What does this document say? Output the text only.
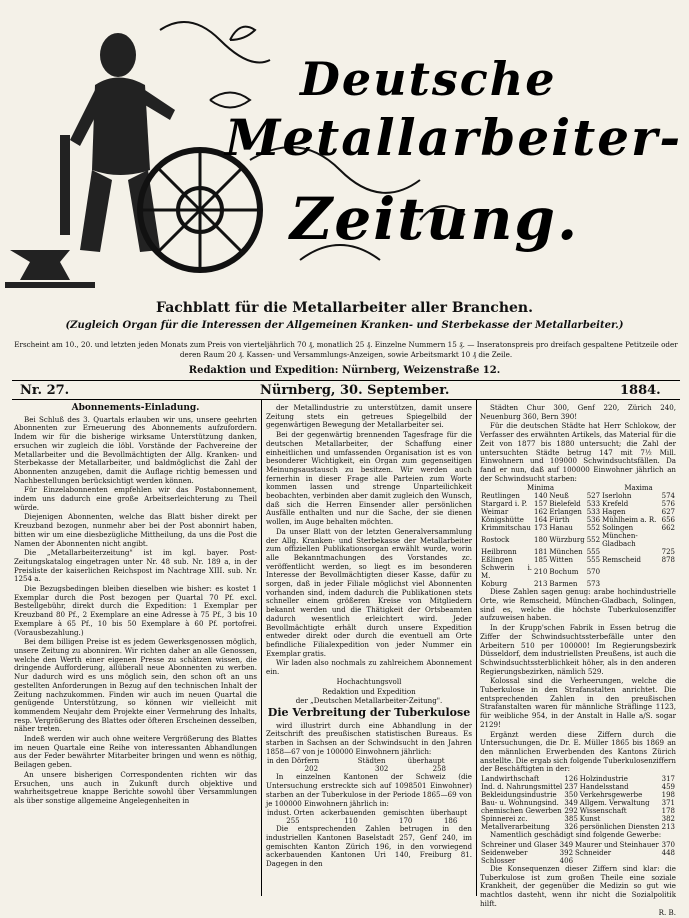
Deutsche
Metallarbeiter-
Zeitung.
Fachblatt für die Metallarbeiter aller Branchen.
(Zugleich Organ für die Interessen der Allgemeinen Kranken- und Sterbekasse der Metallarbeiter.)
Erscheint am 10., 20. und letzten jeden Monats zum Preis von vierteljährlich 70 ₰, monatlich 25 ₰. Einzelne Nummern 15 ₰. — Inseratonspreis pro dreifach gespaltene Petitzeile oder deren Raum 20 ₰. Kassen- und Versammlungs-Anzeigen, sowie Arbeitsmarkt 10 ₰ die Zeile.
Redaktion und Expedition: Nürnberg, Weizenstraße 12.
Nr. 27.	Nürnberg, 30. September.	1884.
Abonnements-Einladung.

Bei Schluß des 3. Quartals erlauben wir uns, unsere geehrten Abonnenten zur Erneuerung des Abonnements aufzufordern. Indem wir für die bisherige wirksame Unterstützung danken, ersuchen wir zugleich die löbl. Vorstände der Fachvereine der Metallarbeiter und die Bevollmächtigten der Allg. Kranken- und Sterbekasse der Metallarbeiter, und baldmöglichst die Zahl der Abonnenten anzugeben, damit die Auflage richtig bemessen und Nachbestellungen berücksichtigt werden können.

Für Einzelabonnenten empfehlen wir das Postabonnement, indem uns dadurch eine große Arbeitserleichterung zu Theil würde.

Diejenigen Abonnenten, welche das Blatt bisher direkt per Kreuzband bezogen, nunmehr aber bei der Post abonnirt haben, bitten wir um eine diesbezügliche Mittheilung, da uns die Post die Namen der Abonnenten nicht angibt.

Die „Metallarbeiterzeitung" ist im kgl. bayer. Post-Zeitungskatalog eingetragen unter Nr. 48 sub. Nr. 189 a, in der Preisliste der kaiserlichen Reichspost im Nachtrage XIII. sub. Nr. 1254 a.

Die Bezugsbedingen bleiben dieselben wie bisher: es kostet 1 Exemplar durch die Post bezogen per Quartal 70 Pf. excl. Bestellgebühr, direkt durch die Expedition: 1 Exemplar per Kreuzband 80 Pf., 2 Exemplare an eine Adresse à 75 Pf., 3 bis 10 Exemplare à 65 Pf., 10 bis 50 Exemplare à 60 Pf. portofrei. (Vorausbezahlung.)

Bei dem billigen Preise ist es jedem Gewerksgenossen möglich, unsere Zeitung zu abonniren. Wir richten daher an alle Genossen, welche den Werth einer eigenen Presse zu schätzen wissen, die dringende Aufforderung, allüberall neue Abonnenten zu werben. Nur dadurch wird es uns möglich sein, den schon oft an uns gestellten Anforderungen in Bezug auf den technischen Inhalt der Zeitung nachzukommen. Finden wir auch im neuen Quartal die genügende Unterstützung, so können wir vielleicht mit kommendem Neujahr dem Projekte einer Vermehrung des Inhalts, resp. Vergrößerung des Blattes oder öfteren Erscheinen desselben, näher treten.

Indeß werden wir auch ohne weitere Vergrößerung des Blattes im neuen Quartale eine Reihe von interessanten Abhandlungen aus der Feder bewährter Mitarbeiter bringen und wenn es nöthig, Beilagen geben.

An unsere bisherigen Correspondenten richten wir das Ersuchen, uns auch in Zukunft durch objektive und wahrheitsgetreue knappe Berichte sowohl über Versammlungen als über sonstige allgemeine Angelegenheiten in

der Metallindustrie zu unterstützen, damit unsere Zeitung stets ein getreues Spiegelbild der gegenwärtigen Bewegung der Metallarbeiter sei.

Bei der gegenwärtig brennenden Tagesfrage für die deutschen Metallarbeiter, der Schaffung einer einheitlichen und umfassenden Organisation ist es von besonderer Wichtigkeit, ein Organ zum gegenseitigen Meinungsaustausch zu besitzen. Wir werden auch fernerhin in dieser Frage alle Parteien zum Worte kommen lassen und strenge Unparteilichkeit beobachten, verbinden aber damit zugleich den Wunsch, daß sich die Herren Einsender aller persönlichen Ausfälle enthalten und nur die Sache, der sie dienen wollen, im Auge behalten möchten.

Da unser Blatt von der letzten Generalversammlung der Allg. Kranken- und Sterbekasse der Metallarbeiter zum offiziellen Publikationsorgan erwählt wurde, worin alle Bekanntmachungen des Vorstandes zc. veröffentlicht werden, so liegt es im besonderen Interesse der Bevollmächtigten dieser Kasse, dafür zu sorgen, daß in jeder Filiale möglichst viel Abonnenten vorhanden sind, indem dadurch die Publikationen stets schneller einem größeren Kreise von Mitgliedern bekannt werden und die Thätigkeit der Ortsbeamten dadurch wesentlich erleichtert wird. Jeder Bevollmächtigte erhält durch unsere Expedition entweder direkt oder durch die eventuell am Orte befindliche Filialexpedition von jeder Nummer ein Exemplar gratis.

Wir laden also nochmals zu zahlreichem Abonnement ein.

Hochachtungsvoll

Redaktion und Expedition

der „Deutschen Metallarbeiter-Zeitung".

Die Verbreitung der Tuberkulose

wird illustrirt durch eine Abhandlung in der Zeitschrift des preußischen statistischen Bureaus. Es starben in Sachsen an der Schwindsucht in den Jahren 1858—67 von je 100000 Einwohnern jährlich:

in den Dörfern	Städten	überhaupt
202	302	258

In einzelnen Kantonen der Schweiz (die Untersuchung erstreckte sich auf 1098501 Einwohner) starben an der Tuberkulose in der Periode 1865—69 von je 100000 Einwohnern jährlich in:

indust. Orten	ackerbauenden	gemischten	überhaupt
255	110	170	186

Die entsprechenden Zahlen betrugen in den industriellen Kantonen Baselstadt 257, Genf 240, im gemischten Kanton Zürich 196, in den vorwiegend ackerbauenden Kantonen Uri 140, Freiburg 81. Dagegen in den

Städten Chur 300, Genf 220, Zürich 240, Neuenburg 360, Bern 390!

Für die deutschen Städte hat Herr Schlokow, der Verfasser des erwähnten Artikels, das Material für die Zeit von 1877 bis 1880 untersucht; die Zahl der untersuchten Städte betrug 147 mit 7½ Mill. Einwohnern und 109000 Schwindsuchtsfällen. Da fand er nun, daß auf 100000 Einwohner jährlich an der Schwindsucht starben:

Minima				Maxima	
Reutlingen	140	Neuß	527	Iserlohn	574
Stargard i. P.	157	Bielefeld	533	Krefeld	576
Weimar	162	Erlangen	533	Hagen	627
Königshütte	164	Fürth	536	Mühlheim a. R.	656
Krimmitschau	173	Hanau	552	Solingen	662
Rostock	180	Würzburg	552	München-Gladbach	
Heilbronn	181	München	555		725
Eßlingen	185	Witten	555	Remscheid	878
Schwerin i. M.	210	Bochum	570		
Koburg	213	Barmen	573		

Diese Zahlen sagen genug: arabe hochindustrielle Orte, wie Remscheid, München-Gladbach, Solingen, sind es, welche die höchste Tuberkulosenziffer aufzuweisen haben.

In der Krupp'schen Fabrik in Essen betrug die Ziffer der Schwindsuchtssterbefälle unter den Arbeitern 510 per 100000! Im Regierungsbezirk Düsseldorf, dem industriellsten Preußens, ist auch die Schwindsuchtssterblichkeit höher, als in den anderen Regierungsbezirken, nämlich 529.

Kolossal sind die Verheerungen, welche die Tuberkulose in den Strafanstalten anrichtet. Die entsprechenden Zahlen in den preußischen Strafanstalten waren für männliche Sträflinge 1123, für weibliche 954, in der Anstalt in Halle a/S. sogar 2129!

Ergänzt werden diese Ziffern durch die Untersuchungen, die Dr. E. Müller 1865 bis 1869 an den männlichen Erwerbenden des Kantons Zürich anstellte. Die ergab sich folgende Tuberkulosenziffern der Beschäftigten in der:

Landwirthschaft	126	Holzindustrie	317
Ind. d. Nahrungsmittel	237	Handelsstand	459
Bekleidungsindustrie	350	Verkehrsgewerbe	198
Bau- u. Wohnungsind.	349	Allgem. Verwaltung	371
chemischen Gewerben	292	Wissenschaft	178
Spinnerei zc.	385	Kunst	382
Metallverarbeitung	326	persönlichen Diensten	213

Namentlich geschädigt sind folgende Gewerbe:

Schreiner und Glaser	349	Maurer und Steinhauer	370
Seidenweber	392	Schneider	448
Schlosser	406		

Die Konsequenzen dieser Ziffern sind klar: die Tuberkulose ist zum großen Theile eine soziale Krankheit, der gegenüber die Medizin so gut wie machtlos dasteht, wenn ihr nicht die Sozialpolitik hilft.

R. B.
